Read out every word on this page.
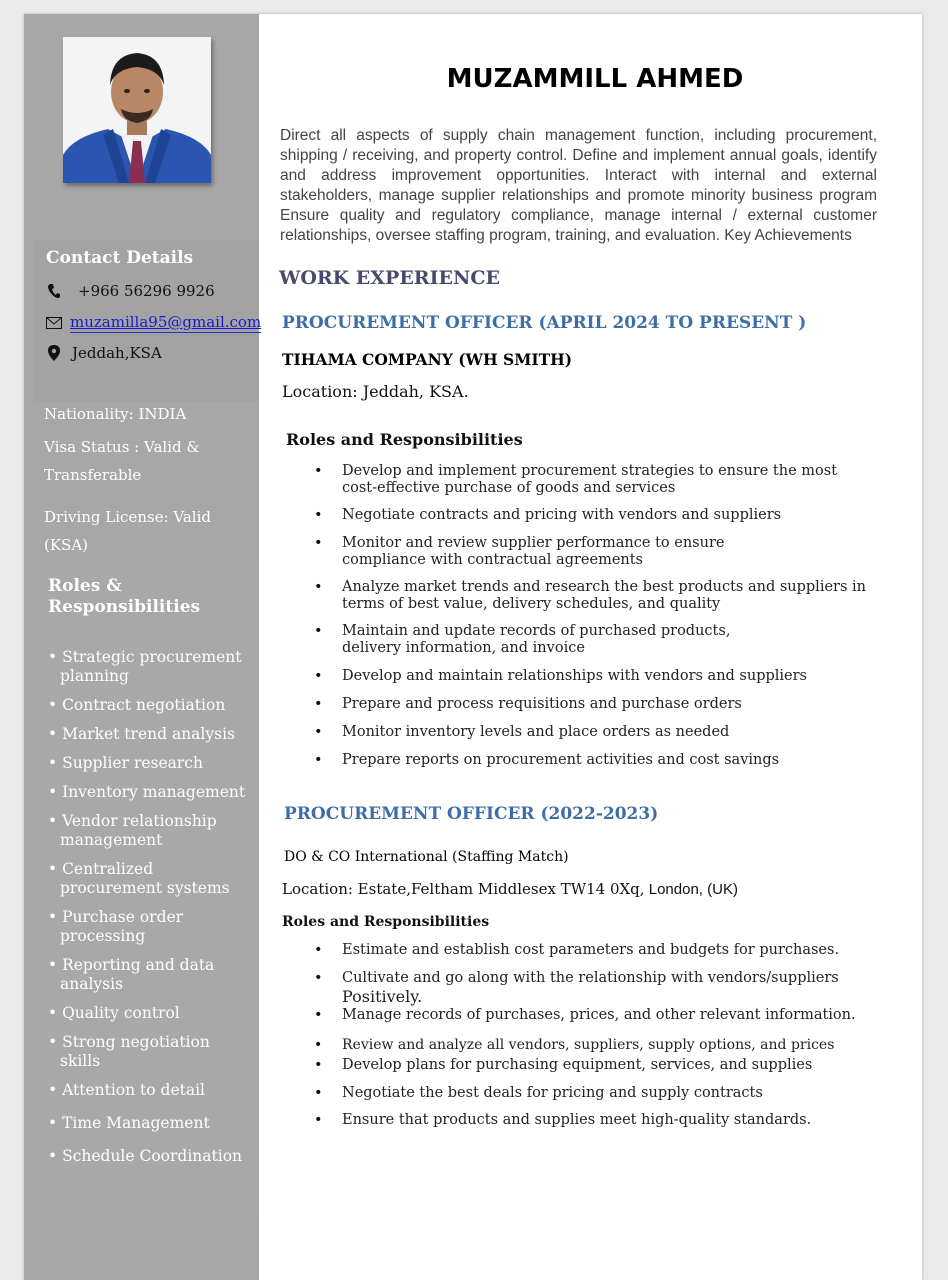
Contact Details
+966 56296 9926
muzamilla95@gmail.com
Jeddah,KSA
Nationality: INDIA
Visa Status : Valid & Transferable
Driving License: Valid (KSA)
Roles & Responsibilities
• Strategic procurement planning
• Contract negotiation
• Market trend analysis
• Supplier research
• Inventory management
• Vendor relationship management
• Centralized procurement systems
• Purchase order processing
• Reporting and data analysis
• Quality control
• Strong negotiation skills
• Attention to detail
• Time Management
• Schedule Coordination
MUZAMMILL AHMED
Direct all aspects of supply chain management function, including procurement, shipping / receiving, and property control. Define and implement annual goals, identify and address improvement opportunities. Interact with internal and external stakeholders, manage supplier relationships and promote minority business program Ensure quality and regulatory compliance, manage internal / external customer relationships, oversee staffing program, training, and evaluation. Key Achievements
WORK EXPERIENCE
PROCUREMENT OFFICER (APRIL 2024 TO PRESENT )
TIHAMA COMPANY (WH SMITH)
Location: Jeddah, KSA.
Roles and Responsibilities
• Develop and implement procurement strategies to ensure the most cost-effective purchase of goods and services
• Negotiate contracts and pricing with vendors and suppliers
• Monitor and review supplier performance to ensure compliance with contractual agreements
• Analyze market trends and research the best products and suppliers in terms of best value, delivery schedules, and quality
• Maintain and update records of purchased products, delivery information, and invoice
• Develop and maintain relationships with vendors and suppliers
• Prepare and process requisitions and purchase orders
• Monitor inventory levels and place orders as needed
• Prepare reports on procurement activities and cost savings
PROCUREMENT OFFICER (2022-2023)
DO & CO International (Staffing Match)
Location: Estate,Feltham Middlesex TW14 0Xq, London, (UK)
Roles and Responsibilities
• Estimate and establish cost parameters and budgets for purchases.
• Cultivate and go along with the relationship with vendors/suppliers
Positively.
• Manage records of purchases, prices, and other relevant information.
• Review and analyze all vendors, suppliers, supply options, and prices
• Develop plans for purchasing equipment, services, and supplies
• Negotiate the best deals for pricing and supply contracts
• Ensure that products and supplies meet high-quality standards.
